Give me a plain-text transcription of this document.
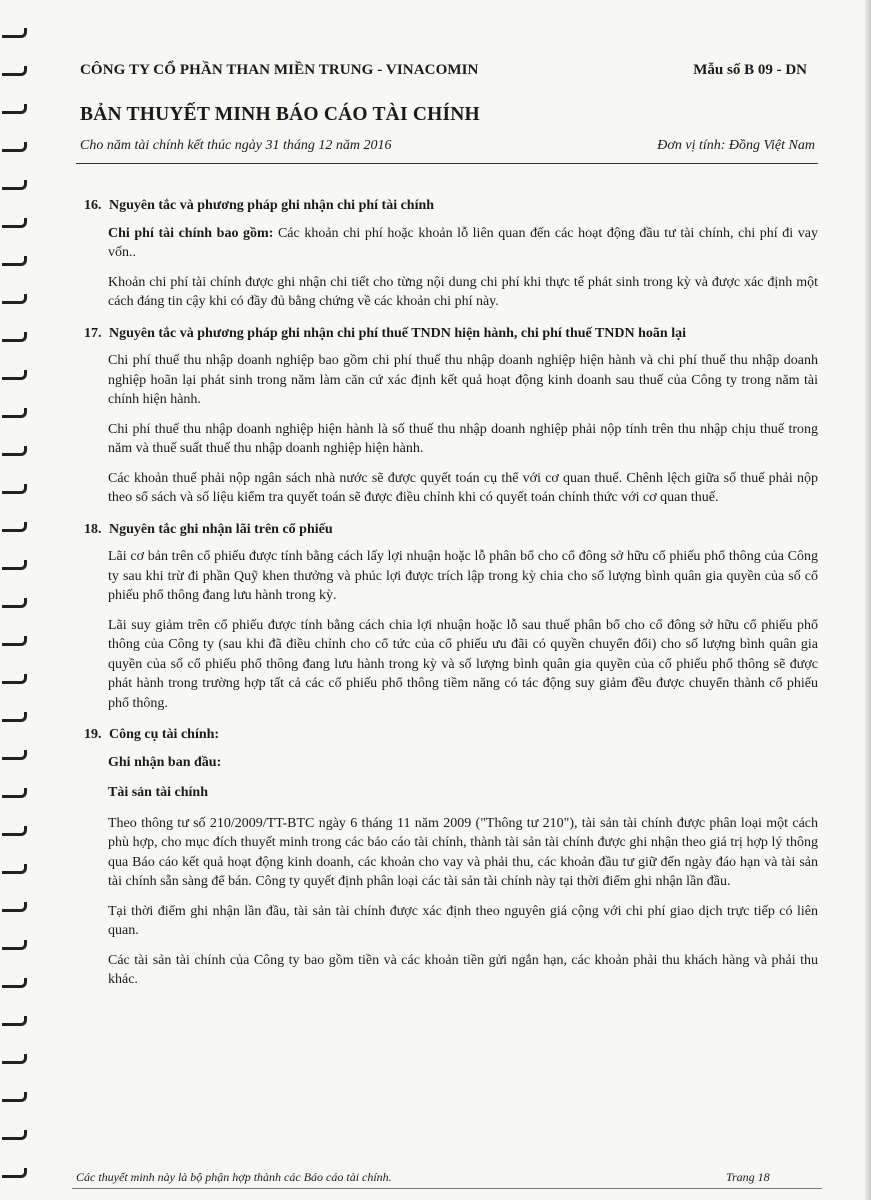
CÔNG TY CỔ PHẦN THAN MIỀN TRUNG - VINACOMIN	Mẫu số B 09 - DN
BẢN THUYẾT MINH BÁO CÁO TÀI CHÍNH
Cho năm tài chính kết thúc ngày 31 tháng 12 năm 2016	Đơn vị tính: Đồng Việt Nam
16. Nguyên tắc và phương pháp ghi nhận chi phí tài chính

Chi phí tài chính bao gồm: Các khoản chi phí hoặc khoản lỗ liên quan đến các hoạt động đầu tư tài chính, chi phí đi vay vốn..

Khoản chi phí tài chính được ghi nhận chi tiết cho từng nội dung chi phí khi thực tế phát sinh trong kỳ và được xác định một cách đáng tin cậy khi có đầy đủ bằng chứng về các khoản chi phí này.

17. Nguyên tắc và phương pháp ghi nhận chi phí thuế TNDN hiện hành, chi phí thuế TNDN hoãn lại

Chi phí thuế thu nhập doanh nghiệp bao gồm chi phí thuế thu nhập doanh nghiệp hiện hành và chi phí thuế thu nhập doanh nghiệp hoãn lại phát sinh trong năm làm căn cứ xác định kết quả hoạt động kinh doanh sau thuế của Công ty trong năm tài chính hiện hành.

Chi phí thuế thu nhập doanh nghiệp hiện hành là số thuế thu nhập doanh nghiệp phải nộp tính trên thu nhập chịu thuế trong năm và thuế suất thuế thu nhập doanh nghiệp hiện hành.

Các khoản thuế phải nộp ngân sách nhà nước sẽ được quyết toán cụ thể với cơ quan thuế. Chênh lệch giữa số thuế phải nộp theo sổ sách và số liệu kiểm tra quyết toán sẽ được điều chỉnh khi có quyết toán chính thức với cơ quan thuế.

18. Nguyên tắc ghi nhận lãi trên cổ phiếu

Lãi cơ bản trên cổ phiếu được tính bằng cách lấy lợi nhuận hoặc lỗ phân bổ cho cổ đông sở hữu cổ phiếu phổ thông của Công ty sau khi trừ đi phần Quỹ khen thưởng và phúc lợi được trích lập trong kỳ chia cho số lượng bình quân gia quyền của số cổ phiếu phổ thông đang lưu hành trong kỳ.

Lãi suy giảm trên cổ phiếu được tính bằng cách chia lợi nhuận hoặc lỗ sau thuế phân bổ cho cổ đông sở hữu cổ phiếu phổ thông của Công ty (sau khi đã điều chỉnh cho cổ tức của cổ phiếu ưu đãi có quyền chuyển đổi) cho số lượng bình quân gia quyền của số cổ phiếu phổ thông đang lưu hành trong kỳ và số lượng bình quân gia quyền của cổ phiếu phổ thông sẽ được phát hành trong trường hợp tất cả các cổ phiếu phổ thông tiềm năng có tác động suy giảm đều được chuyển thành cổ phiếu phổ thông.

19. Công cụ tài chính:
Ghi nhận ban đầu:
Tài sản tài chính

Theo thông tư số 210/2009/TT-BTC ngày 6 tháng 11 năm 2009 ("Thông tư 210"), tài sản tài chính được phân loại một cách phù hợp, cho mục đích thuyết minh trong các báo cáo tài chính, thành tài sản tài chính được ghi nhận theo giá trị hợp lý thông qua Báo cáo kết quả hoạt động kinh doanh, các khoản cho vay và phải thu, các khoản đầu tư giữ đến ngày đáo hạn và tài sản tài chính sẵn sàng để bán. Công ty quyết định phân loại các tài sản tài chính này tại thời điểm ghi nhận lần đầu.

Tại thời điểm ghi nhận lần đầu, tài sản tài chính được xác định theo nguyên giá cộng với chi phí giao dịch trực tiếp có liên quan.

Các tài sản tài chính của Công ty bao gồm tiền và các khoản tiền gửi ngắn hạn, các khoản phải thu khách hàng và phải thu khác.

Các thuyết minh này là bộ phận hợp thành các Báo cáo tài chính.	Trang 18
